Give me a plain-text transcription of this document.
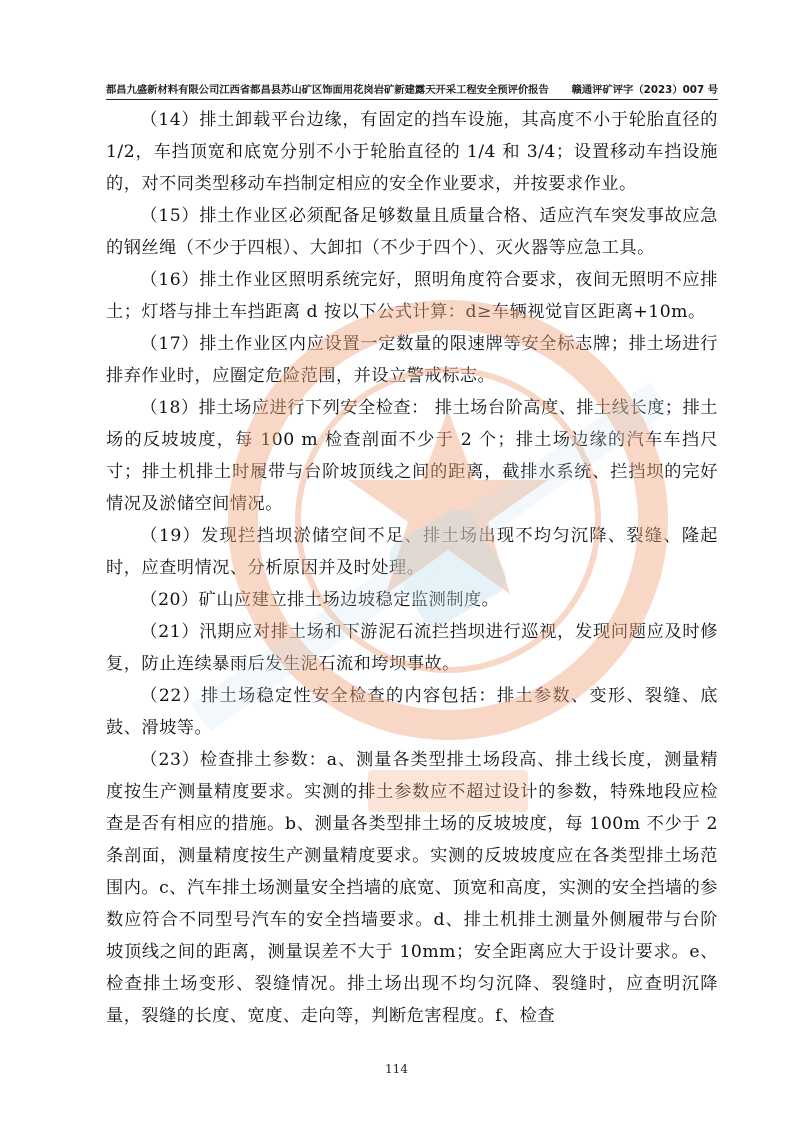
都昌九盛新材料有限公司江西省都昌县苏山矿区饰面用花岗岩矿新建露天开采工程安全预评价报告 赣通评矿评字（2023）007 号

（14）排土卸载平台边缘，有固定的挡车设施，其高度不小于轮胎直径的 1/2，车挡顶宽和底宽分别不小于轮胎直径的 1/4 和 3/4；设置移动车挡设施的，对不同类型移动车挡制定相应的安全作业要求，并按要求作业。

（15）排土作业区必须配备足够数量且质量合格、适应汽车突发事故应急的钢丝绳（不少于四根）、大卸扣（不少于四个）、灭火器等应急工具。

（16）排土作业区照明系统完好，照明角度符合要求，夜间无照明不应排土；灯塔与排土车挡距离 d 按以下公式计算：d≥车辆视觉盲区距离+10m。

（17）排土作业区内应设置一定数量的限速牌等安全标志牌；排土场进行排弃作业时，应圈定危险范围，并设立警戒标志。

（18）排土场应进行下列安全检查： 排土场台阶高度、排土线长度；排土场的反坡坡度，每 100 m 检查剖面不少于 2 个；排土场边缘的汽车车挡尺寸；排土机排土时履带与台阶坡顶线之间的距离，截排水系统、拦挡坝的完好情况及淤储空间情况。

（19）发现拦挡坝淤储空间不足、排土场出现不均匀沉降、裂缝、隆起时，应查明情况、分析原因并及时处理。

（20）矿山应建立排土场边坡稳定监测制度。

（21）汛期应对排土场和下游泥石流拦挡坝进行巡视，发现问题应及时修复，防止连续暴雨后发生泥石流和垮坝事故。

（22）排土场稳定性安全检查的内容包括：排土参数、变形、裂缝、底鼓、滑坡等。

（23）检查排土参数：a、测量各类型排土场段高、排土线长度，测量精度按生产测量精度要求。实测的排土参数应不超过设计的参数，特殊地段应检查是否有相应的措施。b、测量各类型排土场的反坡坡度，每 100m 不少于 2 条剖面，测量精度按生产测量精度要求。实测的反坡坡度应在各类型排土场范围内。c、汽车排土场测量安全挡墙的底宽、顶宽和高度，实测的安全挡墙的参数应符合不同型号汽车的安全挡墙要求。d、排土机排土测量外侧履带与台阶坡顶线之间的距离，测量误差不大于 10mm；安全距离应大于设计要求。e、检查排土场变形、裂缝情况。排土场出现不均匀沉降、裂缝时，应查明沉降量，裂缝的长度、宽度、走向等，判断危害程度。f、检查

114
